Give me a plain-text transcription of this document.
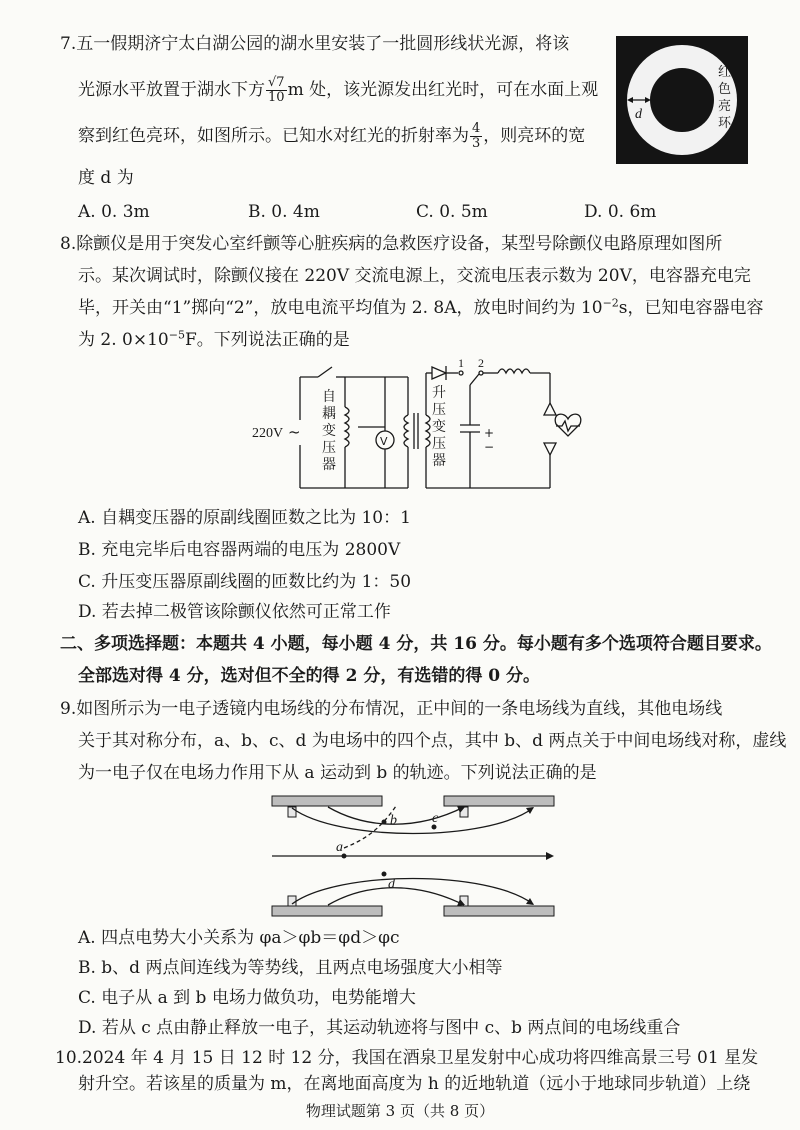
7.五一假期济宁太白湖公园的湖水里安装了一批圆形线状光源，将该
光源水平放置于湖水下方 $\frac{√7}{10}$ m 处，该光源发出红光时，可在水面上观
察到红色亮环，如图所示。已知水对红光的折射率为 $\frac{4}{3}$ ，则亮环的宽
度 d 为
A. 0. 3m	B. 0. 4m	C. 0. 5m	D. 0. 6m
d
红
色
亮
环
8.除颤仪是用于突发心室纤颤等心脏疾病的急救医疗设备，某型号除颤仪电路原理如图所
示。某次调试时，除颤仪接在 220V 交流电源上，交流电压表示数为 20V，电容器充电完
毕，开关由“1”掷向“2”，放电电流平均值为 2. 8A，放电时间约为 $10^{-2}s$，已知电容器电容
为 2. $0\times 10^{-5}F$。下列说法正确的是
220V ~
V
自
耦
变
压
器
升
压
变
压
器
1 2
+
−
A. 自耦变压器的原副线圈匝数之比为 10：1
B. 充电完毕后电容器两端的电压为 2800V
C. 升压变压器原副线圈的匝数比约为 1：50
D. 若去掉二极管该除颤仪依然可正常工作
二、多项选择题：本题共 4 小题，每小题 4 分，共 16 分。每小题有多个选项符合题目要求。
全部选对得 4 分，选对但不全的得 2 分，有选错的得 0 分。
9.如图所示为一电子透镜内电场线的分布情况，正中间的一条电场线为直线，其他电场线
关于其对称分布，a、b、c、d 为电场中的四个点，其中 b、d 两点关于中间电场线对称，虚线
为一电子仅在电场力作用下从 a 运动到 b 的轨迹。下列说法正确的是
a
b	c
d
A. 四点电势大小关系为 φa＞φb＝φd＞φc
B. b、d 两点间连线为等势线，且两点电场强度大小相等
C. 电子从 a 到 b 电场力做负功，电势能增大
D. 若从 c 点由静止释放一电子，其运动轨迹将与图中 c、b 两点间的电场线重合
10.2024 年 4 月 15 日 12 时 12 分，我国在酒泉卫星发射中心成功将四维高景三号 01 星发
射升空。若该星的质量为 m，在离地面高度为 h 的近地轨道（远小于地球同步轨道）上绕
物理试题第 3 页（共 8 页）
